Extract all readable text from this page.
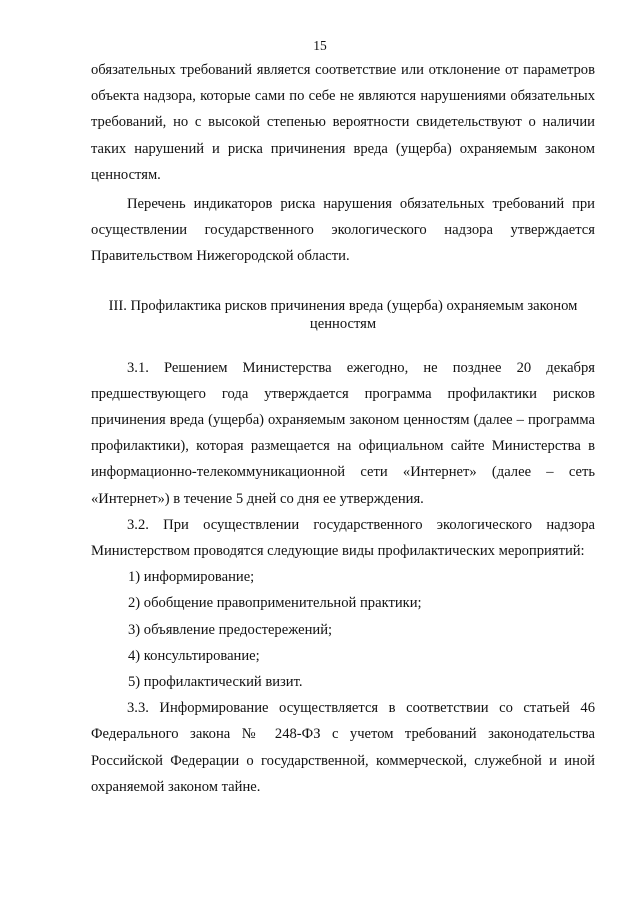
15

обязательных требований является соответствие или отклонение от параметров объекта надзора, которые сами по себе не являются нарушениями обязательных требований, но с высокой степенью вероятности свидетельствуют о наличии таких нарушений и риска причинения вреда (ущерба) охраняемым законом ценностям.

Перечень индикаторов риска нарушения обязательных требований при осуществлении государственного экологического надзора утверждается Правительством Нижегородской области.

III. Профилактика рисков причинения вреда (ущерба) охраняемым законом ценностям

3.1. Решением Министерства ежегодно, не позднее 20 декабря предшествующего года утверждается программа профилактики рисков причинения вреда (ущерба) охраняемым законом ценностям (далее – программа профилактики), которая размещается на официальном сайте Министерства в информационно-телекоммуникационной сети «Интернет» (далее – сеть «Интернет») в течение 5 дней со дня ее утверждения.

3.2. При осуществлении государственного экологического надзора Министерством проводятся следующие виды профилактических мероприятий:

1) информирование;

2) обобщение правоприменительной практики;

3) объявление предостережений;

4) консультирование;

5) профилактический визит.

3.3. Информирование осуществляется в соответствии со статьей 46 Федерального закона № 248-ФЗ с учетом требований законодательства Российской Федерации о государственной, коммерческой, служебной и иной охраняемой законом тайне.
